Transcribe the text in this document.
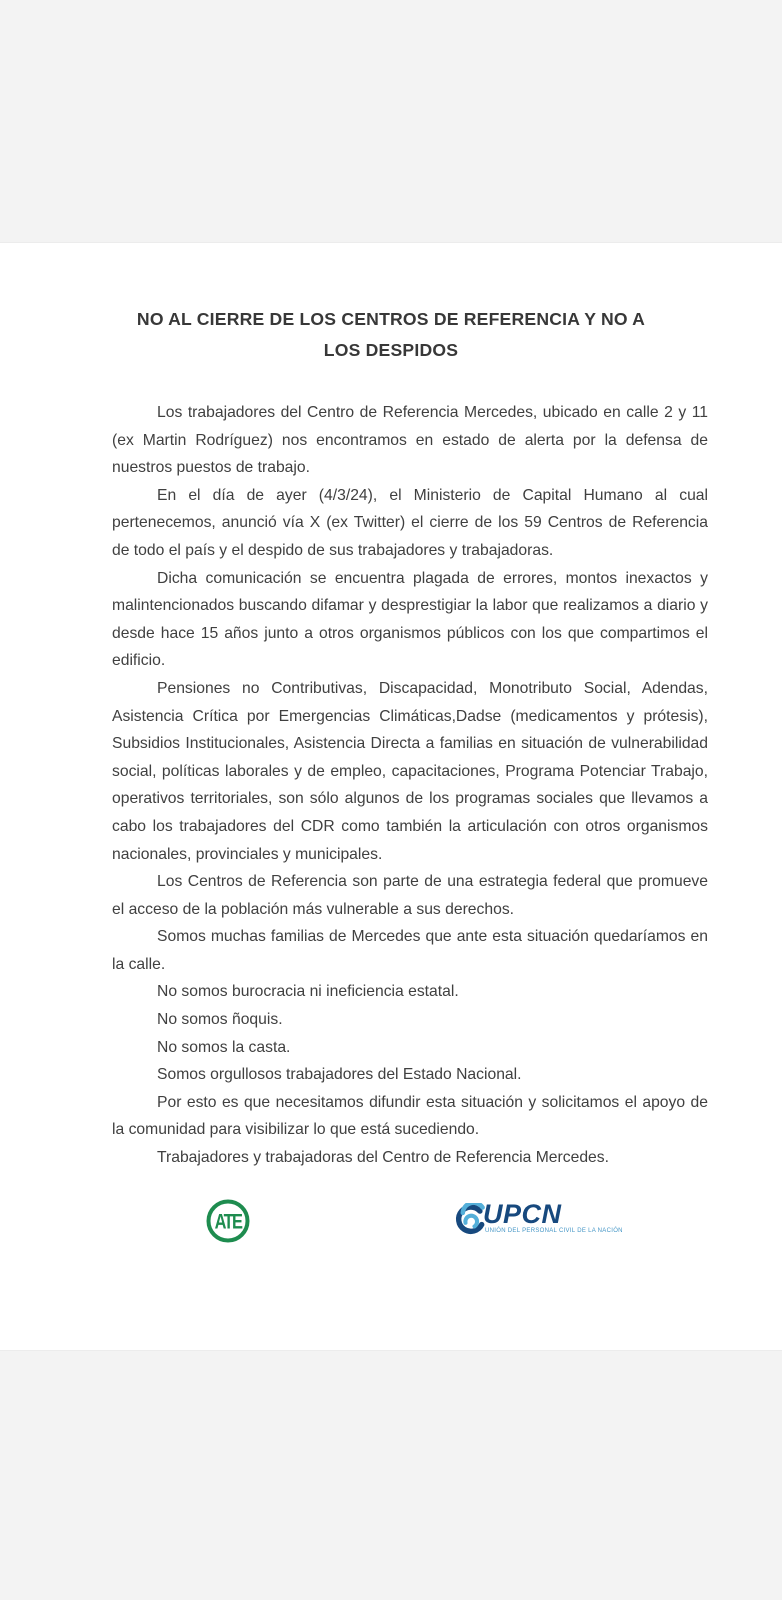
NO AL CIERRE DE LOS CENTROS DE REFERENCIA Y NO A
LOS DESPIDOS

Los trabajadores del Centro de Referencia Mercedes, ubicado en calle 2 y 11 (ex Martin Rodríguez) nos encontramos en estado de alerta por la defensa de nuestros puestos de trabajo.

En el día de ayer (4/3/24), el Ministerio de Capital Humano al cual pertenecemos, anunció vía X (ex Twitter) el cierre de los 59 Centros de Referencia de todo el país y el despido de sus trabajadores y trabajadoras.

Dicha comunicación se encuentra plagada de errores, montos inexactos y malintencionados buscando difamar y desprestigiar la labor que realizamos a diario y desde hace 15 años junto a otros organismos públicos con los que compartimos el edificio.

Pensiones no Contributivas, Discapacidad, Monotributo Social, Adendas, Asistencia Crítica por Emergencias Climáticas,Dadse (medicamentos y prótesis), Subsidios Institucionales, Asistencia Directa a familias en situación de vulnerabilidad social, políticas laborales y de empleo, capacitaciones, Programa Potenciar Trabajo, operativos territoriales, son sólo algunos de los programas sociales que llevamos a cabo los trabajadores del CDR como también la articulación con otros organismos nacionales, provinciales y municipales.

Los Centros de Referencia son parte de una estrategia federal que promueve el acceso de la población más vulnerable a sus derechos.

Somos muchas familias de Mercedes que ante esta situación quedaríamos en la calle.

No somos burocracia ni ineficiencia estatal.

No somos ñoquis.

No somos la casta.

Somos orgullosos trabajadores del Estado Nacional.

Por esto es que necesitamos difundir esta situación y solicitamos el apoyo de la comunidad para visibilizar lo que está sucediendo.

Trabajadores y trabajadoras del Centro de Referencia Mercedes.

ATE	UPCN
UNIÓN DEL PERSONAL CIVIL DE LA NACIÓN
